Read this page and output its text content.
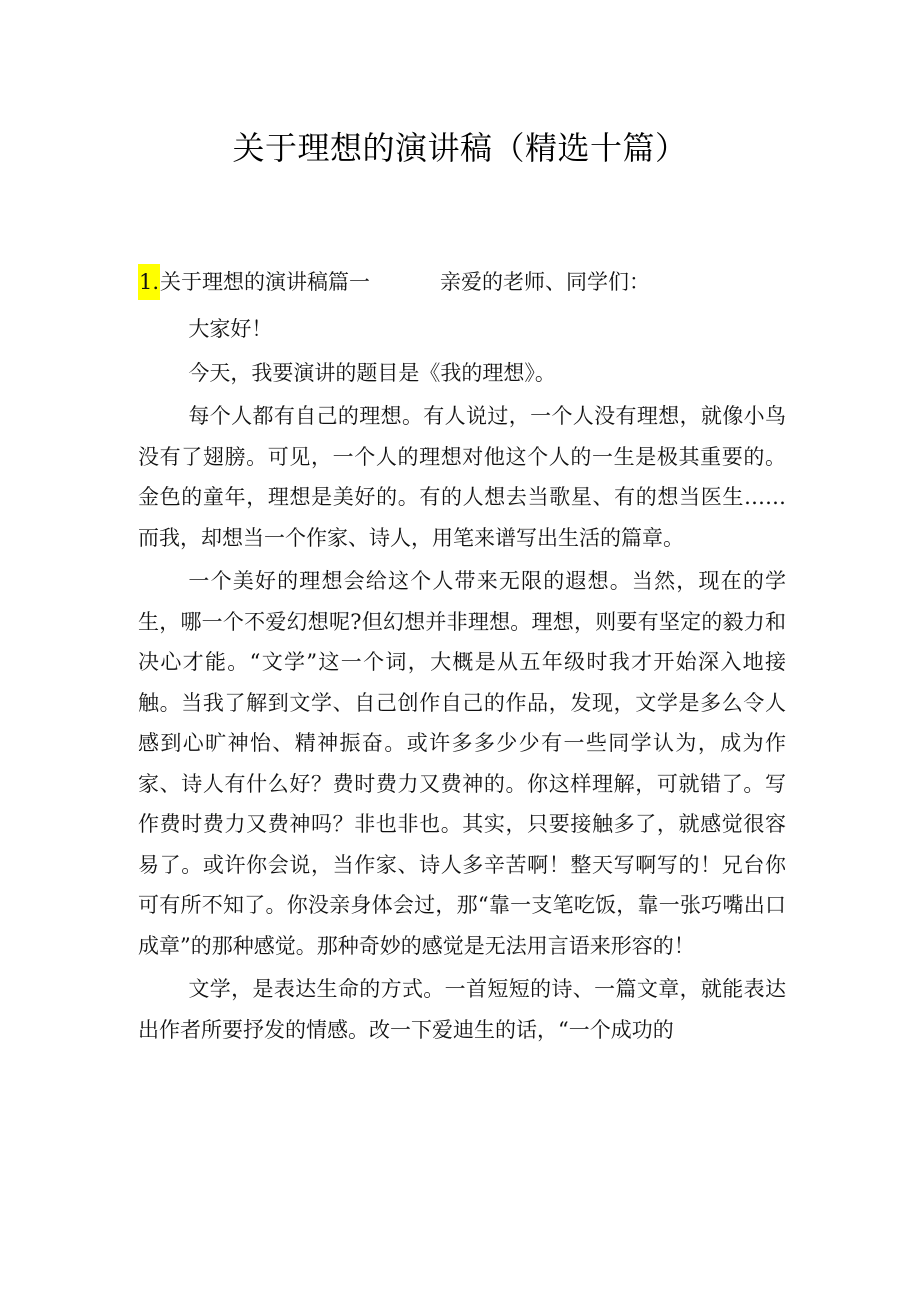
关于理想的演讲稿（精选十篇）
1.关于理想的演讲稿篇一	亲爱的老师、同学们：

大家好！

今天，我要演讲的题目是《我的理想》。

每个人都有自己的理想。有人说过，一个人没有理想，就像小鸟没有了翅膀。可见，一个人的理想对他这个人的一生是极其重要的。金色的童年，理想是美好的。有的人想去当歌星、有的想当医生……而我，却想当一个作家、诗人，用笔来谱写出生活的篇章。

一个美好的理想会给这个人带来无限的遐想。当然，现在的学生，哪一个不爱幻想呢?但幻想并非理想。理想，则要有坚定的毅力和决心才能。“文学”这一个词，大概是从五年级时我才开始深入地接触。当我了解到文学、自己创作自己的作品，发现，文学是多么令人感到心旷神怡、精神振奋。或许多多少少有一些同学认为，成为作家、诗人有什么好？费时费力又费神的。你这样理解，可就错了。写作费时费力又费神吗？非也非也。其实，只要接触多了，就感觉很容易了。或许你会说，当作家、诗人多辛苦啊！整天写啊写的！兄台你可有所不知了。你没亲身体会过，那“靠一支笔吃饭，靠一张巧嘴出口成章”的那种感觉。那种奇妙的感觉是无法用言语来形容的！

文学，是表达生命的方式。一首短短的诗、一篇文章，就能表达出作者所要抒发的情感。改一下爱迪生的话，“一个成功的
